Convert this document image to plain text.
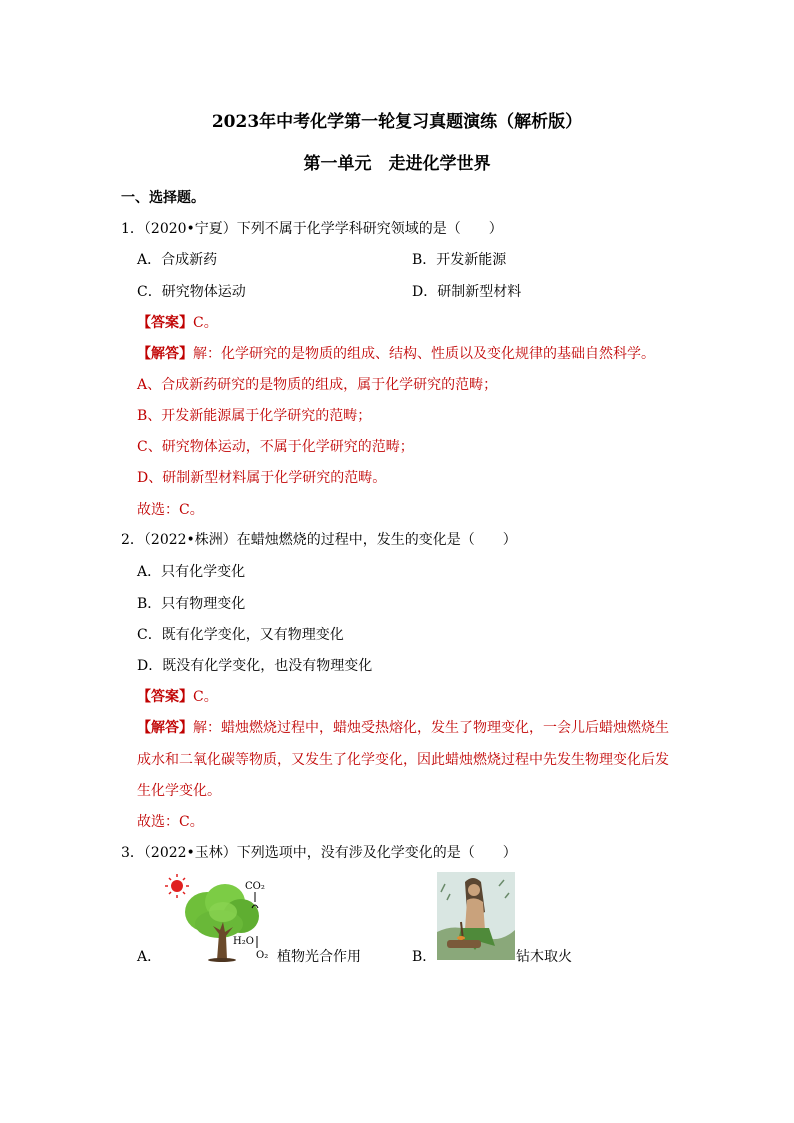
2023年中考化学第一轮复习真题演练（解析版）
第一单元　走进化学世界
一、选择题。
1．（2020•宁夏）下列不属于化学学科研究领域的是（　　）
A．合成新药	B．开发新能源
C．研究物体运动	D．研制新型材料
【答案】C。
【解答】解：化学研究的是物质的组成、结构、性质以及变化规律的基础自然科学。
A、合成新药研究的是物质的组成，属于化学研究的范畴；
B、开发新能源属于化学研究的范畴；
C、研究物体运动，不属于化学研究的范畴；
D、研制新型材料属于化学研究的范畴。
故选：C。
2．（2022•株洲）在蜡烛燃烧的过程中，发生的变化是（　　）
A．只有化学变化
B．只有物理变化
C．既有化学变化，又有物理变化
D．既没有化学变化，也没有物理变化
【答案】C。
【解答】解：蜡烛燃烧过程中，蜡烛受热熔化，发生了物理变化，一会儿后蜡烛燃烧生
成水和二氧化碳等物质，又发生了化学变化，因此蜡烛燃烧过程中先发生物理变化后发
生化学变化。
故选：C。
3．（2022•玉林）下列选项中，没有涉及化学变化的是（　　）
A．
CO₂
H₂O
O₂ 植物光合作用	B．	钻木取火
